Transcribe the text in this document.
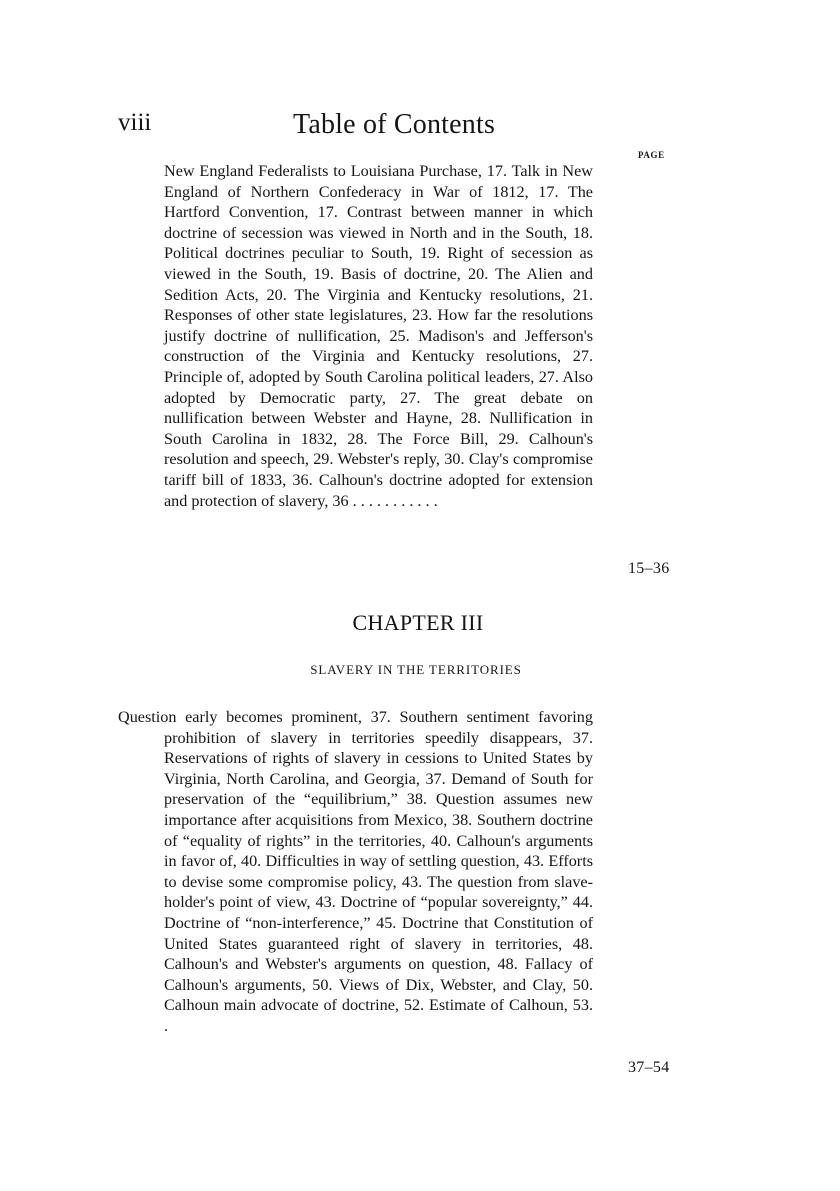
viii	Table of Contents
PAGE
New England Federalists to Louisiana Purchase, 17. Talk in New England of Northern Confederacy in War of 1812, 17. The Hartford Convention, 17. Contrast between manner in which doctrine of secession was viewed in North and in the South, 18. Political doctrines peculiar to South, 19. Right of secession as viewed in the South, 19. Basis of doctrine, 20. The Alien and Sedition Acts, 20. The Virginia and Kentucky resolutions, 21. Responses of other state legislatures, 23. How far the resolutions justify doctrine of nullification, 25. Madison's and Jefferson's construction of the Virginia and Kentucky resolutions, 27. Principle of, adopted by South Carolina political leaders, 27. Also adopted by Democratic party, 27. The great debate on nullification between Webster and Hayne, 28. Nullification in South Carolina in 1832, 28. The Force Bill, 29. Calhoun's resolution and speech, 29. Webster's reply, 30. Clay's compromise tariff bill of 1833, 36. Calhoun's doctrine adopted for extension and protection of slavery, 36 . . . . . . . . . . .
15–36
CHAPTER III
SLAVERY IN THE TERRITORIES
Question early becomes prominent, 37. Southern sentiment favoring prohibition of slavery in territories speedily disappears, 37. Reservations of rights of slavery in cessions to United States by Virginia, North Carolina, and Georgia, 37. Demand of South for preservation of the “equilibrium,” 38. Question assumes new importance after acquisitions from Mexico, 38. Southern doctrine of “equality of rights” in the territories, 40. Calhoun's arguments in favor of, 40. Difficulties in way of settling question, 43. Efforts to devise some compromise policy, 43. The question from slave-holder's point of view, 43. Doctrine of “popular sovereignty,” 44. Doctrine of “non-interference,” 45. Doctrine that Constitution of United States guaranteed right of slavery in territories, 48. Calhoun's and Webster's arguments on question, 48. Fallacy of Calhoun's arguments, 50. Views of Dix, Webster, and Clay, 50. Calhoun main advocate of doctrine, 52. Estimate of Calhoun, 53. .
37–54
